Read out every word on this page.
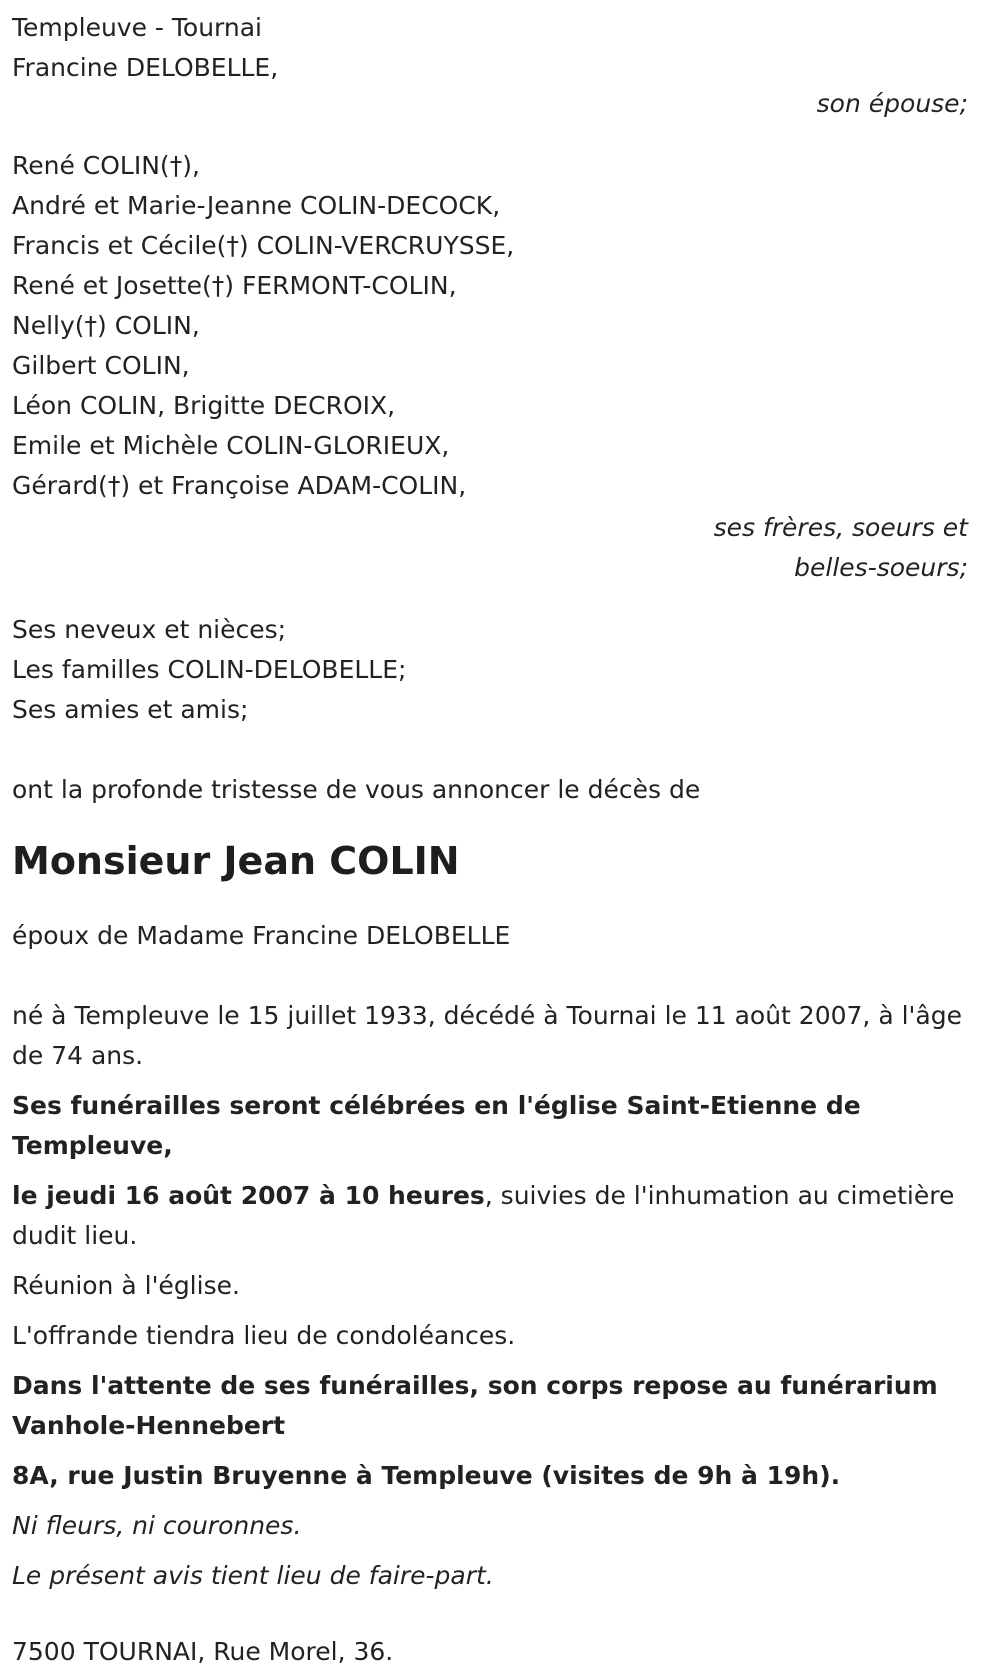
Templeuve - Tournai
Francine DELOBELLE,
son épouse;
René COLIN(†),
André et Marie-Jeanne COLIN-DECOCK,
Francis et Cécile(†) COLIN-VERCRUYSSE,
René et Josette(†) FERMONT-COLIN,
Nelly(†) COLIN,
Gilbert COLIN,
Léon COLIN, Brigitte DECROIX,
Emile et Michèle COLIN-GLORIEUX,
Gérard(†) et Françoise ADAM-COLIN,
ses frères, soeurs et
belles-soeurs;
Ses neveux et nièces;
Les familles COLIN-DELOBELLE;
Ses amies et amis;
ont la profonde tristesse de vous annoncer le décès de
Monsieur Jean COLIN
époux de Madame Francine DELOBELLE
né à Templeuve le 15 juillet 1933, décédé à Tournai le 11 août 2007, à l'âge de 74 ans.
Ses funérailles seront célébrées en l'église Saint-Etienne de Templeuve,
le jeudi 16 août 2007 à 10 heures, suivies de l'inhumation au cimetière dudit lieu.
Réunion à l'église.
L'offrande tiendra lieu de condoléances.
Dans l'attente de ses funérailles, son corps repose au funérarium Vanhole-Hennebert
8A, rue Justin Bruyenne à Templeuve (visites de 9h à 19h).
Ni fleurs, ni couronnes.
Le présent avis tient lieu de faire-part.
7500 TOURNAI, Rue Morel, 36.
